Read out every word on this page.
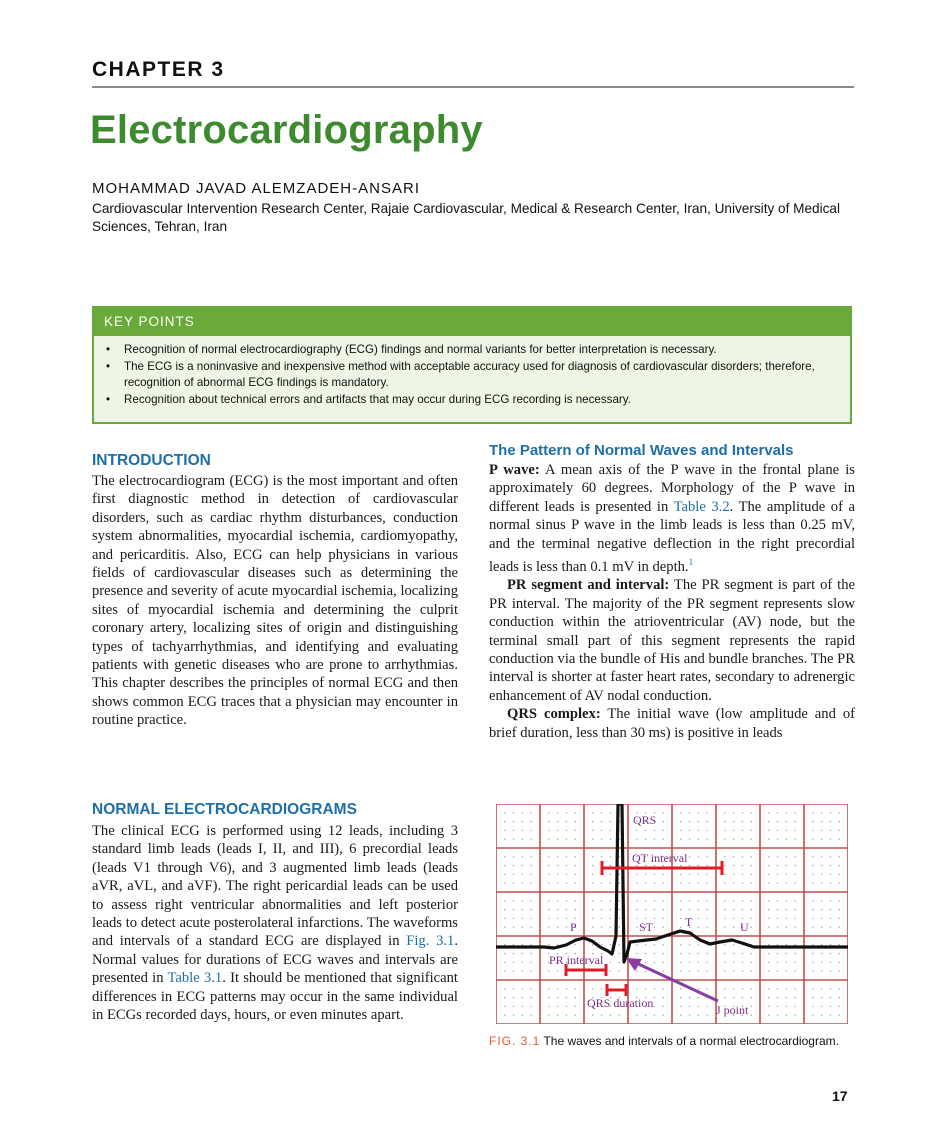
CHAPTER 3
Electrocardiography
MOHAMMAD JAVAD ALEMZADEH-ANSARI
Cardiovascular Intervention Research Center, Rajaie Cardiovascular, Medical & Research Center, Iran, University of Medical Sciences, Tehran, Iran
KEY POINTS
• Recognition of normal electrocardiography (ECG) findings and normal variants for better interpretation is necessary.
• The ECG is a noninvasive and inexpensive method with acceptable accuracy used for diagnosis of cardiovascular disorders; therefore, recognition of abnormal ECG findings is mandatory.
• Recognition about technical errors and artifacts that may occur during ECG recording is necessary.
INTRODUCTION

The electrocardiogram (ECG) is the most important and often first diagnostic method in detection of cardiovascular disorders, such as cardiac rhythm disturbances, conduction system abnormalities, myocardial ischemia, cardiomyopathy, and pericarditis. Also, ECG can help physicians in various fields of cardiovascular diseases such as determining the presence and severity of acute myocardial ischemia, localizing sites of myocardial ischemia and determining the culprit coronary artery, localizing sites of origin and distinguishing types of tachyarrhythmias, and identifying and evaluating patients with genetic diseases who are prone to arrhythmias. This chapter describes the principles of normal ECG and then shows common ECG traces that a physician may encounter in routine practice.

NORMAL ELECTROCARDIOGRAMS

The clinical ECG is performed using 12 leads, including 3 standard limb leads (leads I, II, and III), 6 precordial leads (leads V1 through V6), and 3 augmented limb leads (leads aVR, aVL, and aVF). The right pericardial leads can be used to assess right ventricular abnormalities and left posterior leads to detect acute posterolateral infarctions. The waveforms and intervals of a standard ECG are displayed in Fig. 3.1. Normal values for durations of ECG waves and intervals are presented in Table 3.1. It should be mentioned that significant differences in ECG patterns may occur in the same individual in ECGs recorded days, hours, or even minutes apart.

The Pattern of Normal Waves and Intervals

P wave: A mean axis of the P wave in the frontal plane is approximately 60 degrees. Morphology of the P wave in different leads is presented in Table 3.2. The amplitude of a normal sinus P wave in the limb leads is less than 0.25 mV, and the terminal negative deflection in the right precordial leads is less than 0.1 mV in depth.$^1$

PR segment and interval: The PR segment is part of the PR interval. The majority of the PR segment represents slow conduction within the atrioventricular (AV) node, but the terminal small part of this segment represents the rapid conduction via the bundle of His and bundle branches. The PR interval is shorter at faster heart rates, secondary to adrenergic enhancement of AV nodal conduction.

QRS complex: The initial wave (low amplitude and of brief duration, less than 30 ms) is positive in leads

QRS
QT interval
P	ST	T	U
PR interval
QRS duration	J point
FIG. 3.1 The waves and intervals of a normal electrocardiogram.
17
